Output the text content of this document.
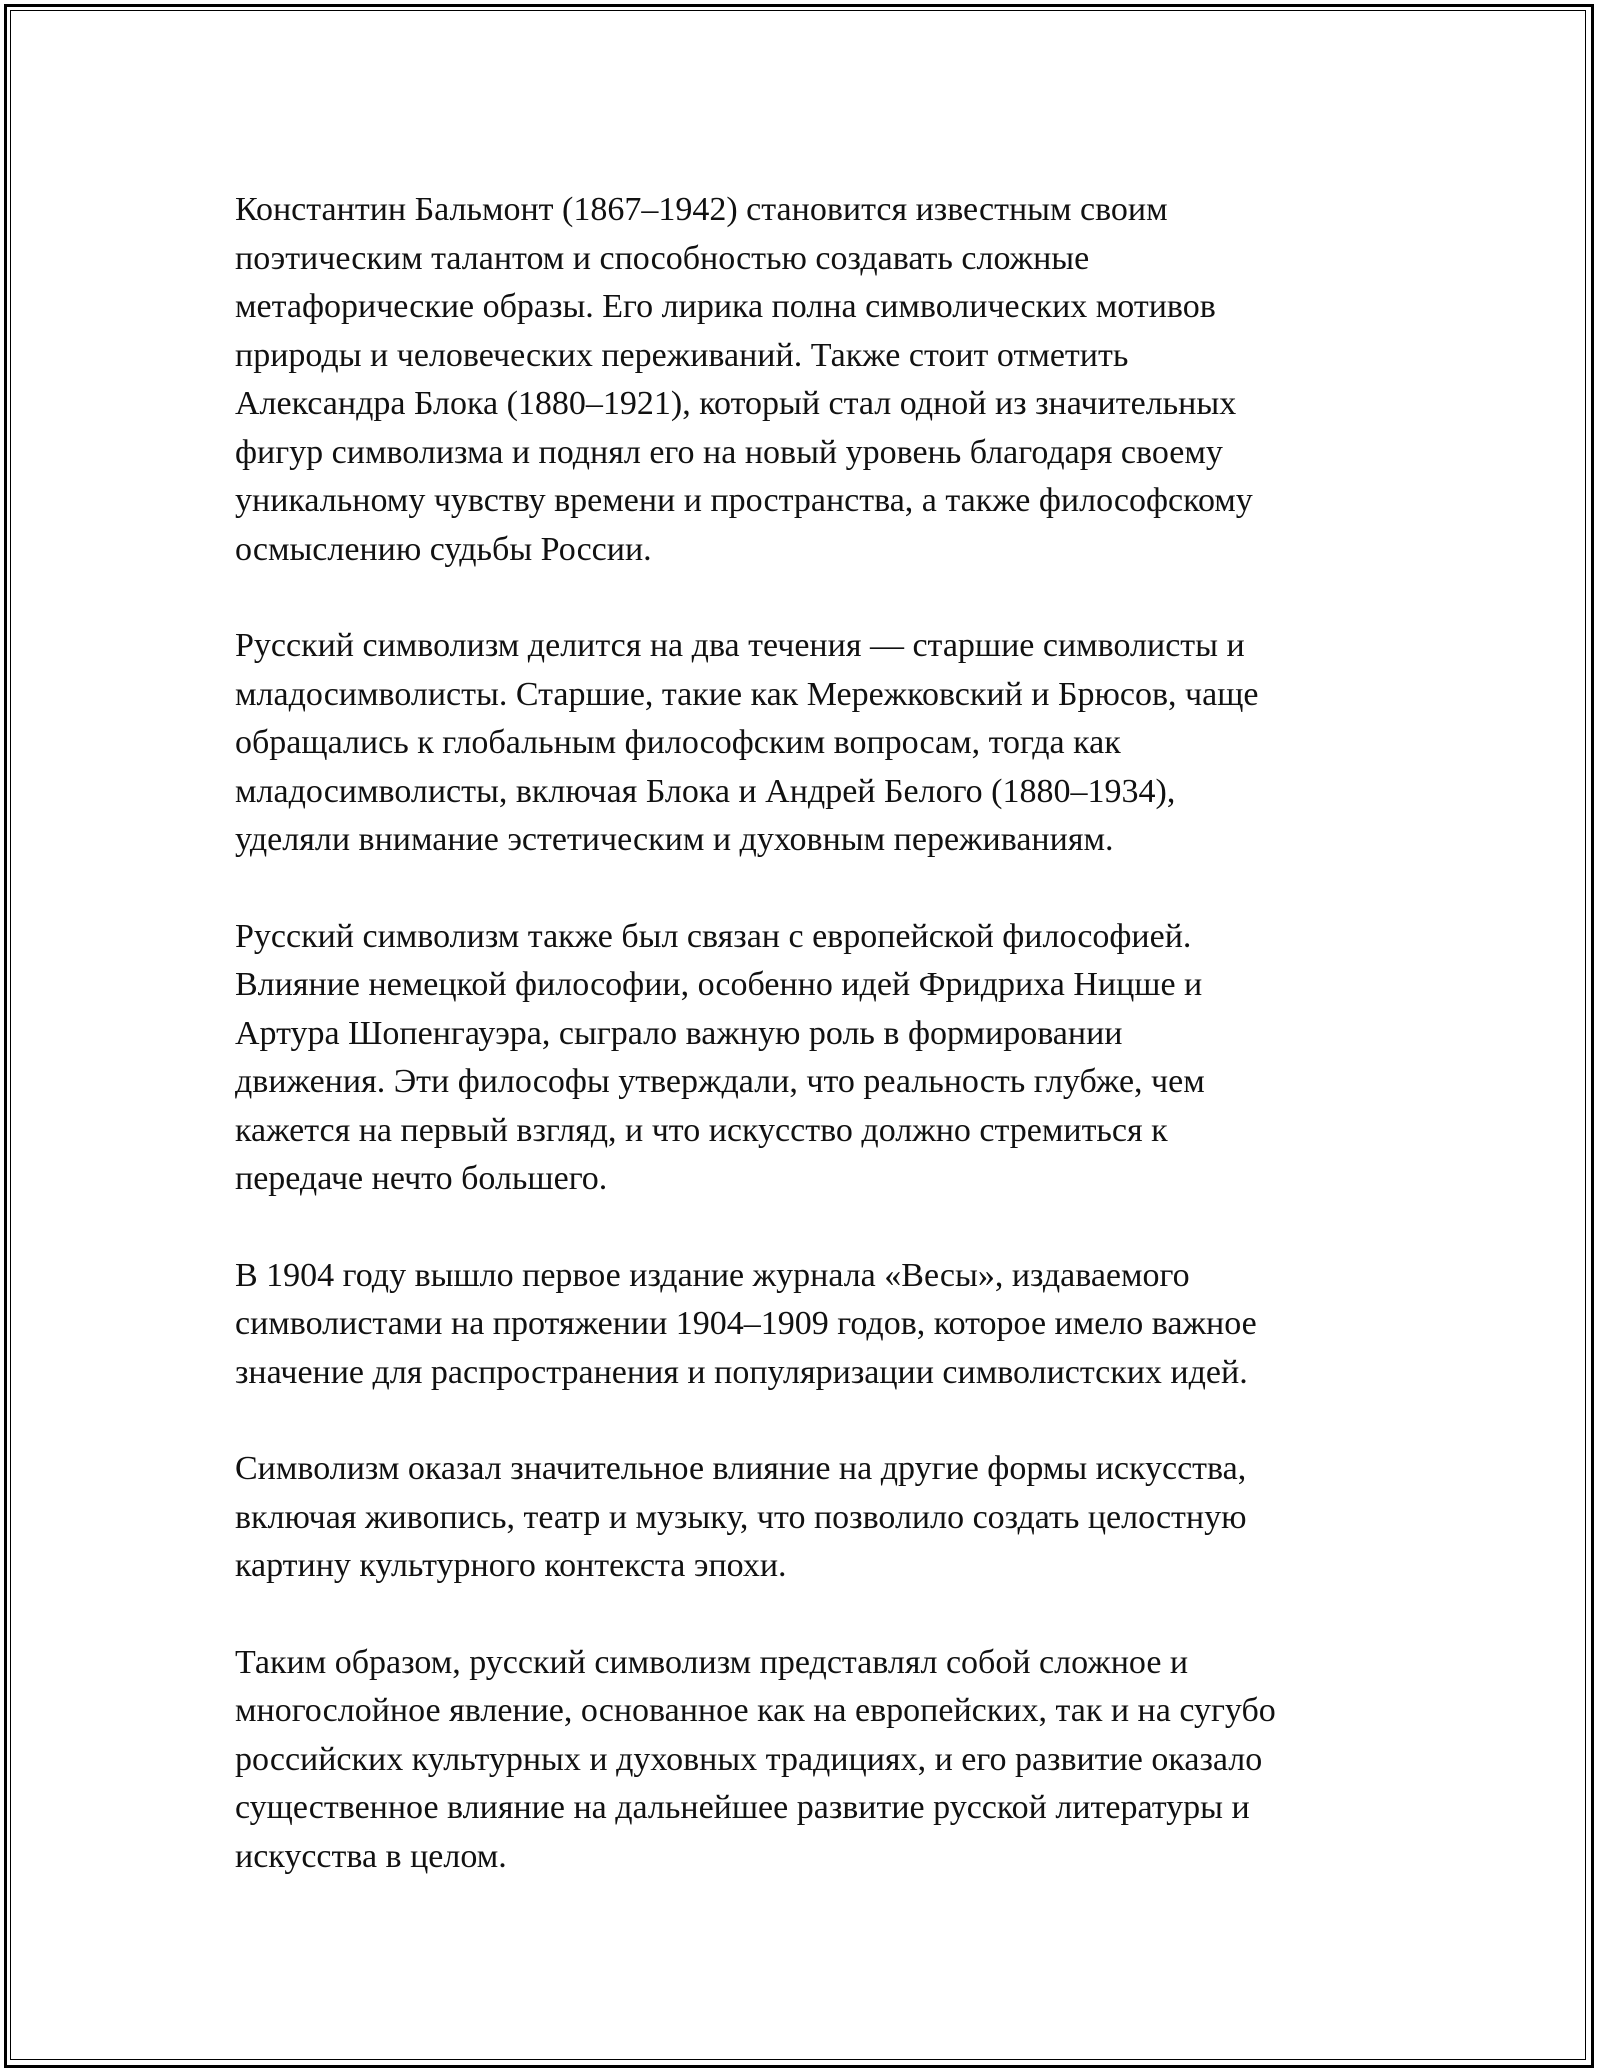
Константин Бальмонт (1867–1942) становится известным своим
поэтическим талантом и способностью создавать сложные
метафорические образы. Его лирика полна символических мотивов
природы и человеческих переживаний. Также стоит отметить
Александра Блока (1880–1921), который стал одной из значительных
фигур символизма и поднял его на новый уровень благодаря своему
уникальному чувству времени и пространства, а также философскому
осмыслению судьбы России.

Русский символизм делится на два течения — старшие символисты и
младосимволисты. Старшие, такие как Мережковский и Брюсов, чаще
обращались к глобальным философским вопросам, тогда как
младосимволисты, включая Блока и Андрей Белого (1880–1934),
уделяли внимание эстетическим и духовным переживаниям.

Русский символизм также был связан с европейской философией.
Влияние немецкой философии, особенно идей Фридриха Ницше и
Артура Шопенгауэра, сыграло важную роль в формировании
движения. Эти философы утверждали, что реальность глубже, чем
кажется на первый взгляд, и что искусство должно стремиться к
передаче нечто большего.

В 1904 году вышло первое издание журнала «Весы», издаваемого
символистами на протяжении 1904–1909 годов, которое имело важное
значение для распространения и популяризации символистских идей.

Символизм оказал значительное влияние на другие формы искусства,
включая живопись, театр и музыку, что позволило создать целостную
картину культурного контекста эпохи.

Таким образом, русский символизм представлял собой сложное и
многослойное явление, основанное как на европейских, так и на сугубо
российских культурных и духовных традициях, и его развитие оказало
существенное влияние на дальнейшее развитие русской литературы и
искусства в целом.
